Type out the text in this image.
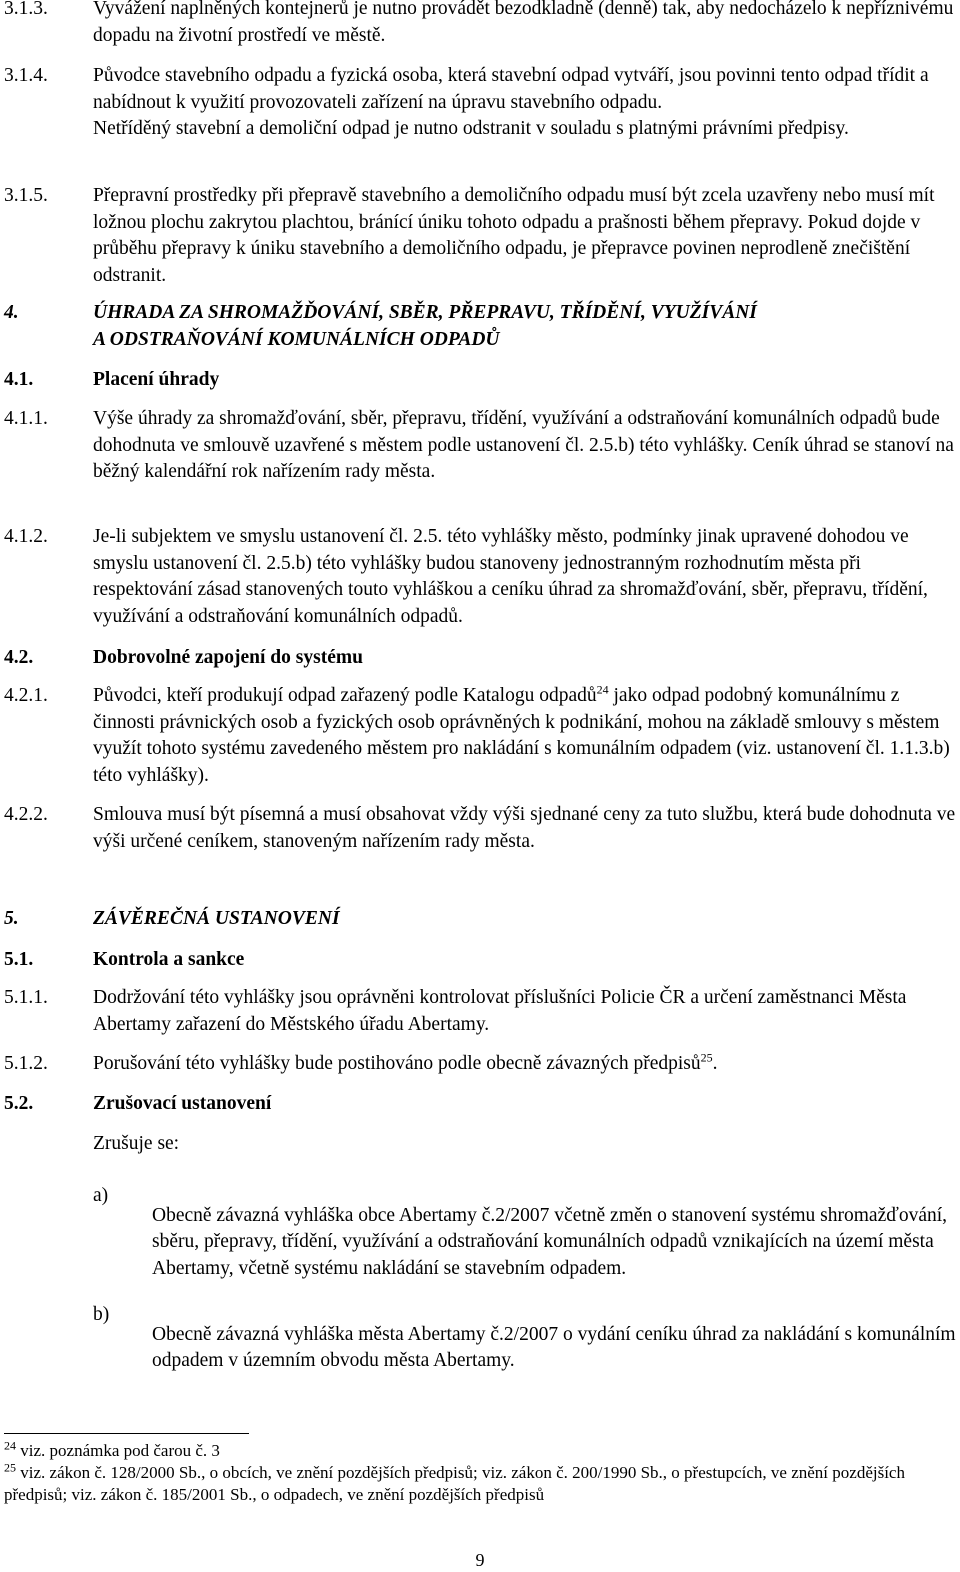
3.1.3. Vyvážení naplněných kontejnerů je nutno provádět bezodkladně (denně) tak, aby nedocházelo k nepříznivému dopadu na životní prostředí ve městě.

3.1.4. Původce stavebního odpadu a fyzická osoba, která stavební odpad vytváří, jsou povinni tento odpad třídit a nabídnout k využití provozovateli zařízení na úpravu stavebního odpadu.

Netříděný stavební a demoliční odpad je nutno odstranit v souladu s platnými právními předpisy.

3.1.5. Přepravní prostředky při přepravě stavebního a demoličního odpadu musí být zcela uzavřeny nebo musí mít ložnou plochu zakrytou plachtou, bránící úniku tohoto odpadu a prašnosti během přepravy. Pokud dojde v průběhu přepravy k úniku stavebního a demoličního odpadu, je přepravce povinen neprodleně znečištění odstranit.

4.	ÚHRADA ZA SHROMAŽĎOVÁNÍ, SBĚR, PŘEPRAVU, TŘÍDĚNÍ, VYUŽÍVÁNÍ

A ODSTRAŇOVÁNÍ KOMUNÁLNÍCH ODPADŮ

4.1.	Placení úhrady

4.1.1. Výše úhrady za shromažďování, sběr, přepravu, třídění, využívání a odstraňování komunálních odpadů bude dohodnuta ve smlouvě uzavřené s městem podle ustanovení čl. 2.5.b) této vyhlášky. Ceník úhrad se stanoví na běžný kalendářní rok nařízením rady města.

4.1.2. Je-li subjektem ve smyslu ustanovení čl. 2.5. této vyhlášky město, podmínky jinak upravené dohodou ve smyslu ustanovení čl. 2.5.b) této vyhlášky budou stanoveny jednostranným rozhodnutím města při respektování zásad stanovených touto vyhláškou a ceníku úhrad za shromažďování, sběr, přepravu, třídění, využívání a odstraňování komunálních odpadů.

4.2.	Dobrovolné zapojení do systému

4.2.1. Původci, kteří produkují odpad zařazený podle Katalogu odpadů$^{24}$ jako odpad podobný komunálnímu z činnosti právnických osob a fyzických osob oprávněných k podnikání, mohou na základě smlouvy s městem využít tohoto systému zavedeného městem pro nakládání s komunálním odpadem (viz. ustanovení čl. 1.1.3.b) této vyhlášky).

4.2.2. Smlouva musí být písemná a musí obsahovat vždy výši sjednané ceny za tuto službu, která bude dohodnuta ve výši určené ceníkem, stanoveným nařízením rady města.

5.	ZÁVĚREČNÁ USTANOVENÍ

5.1.	Kontrola a sankce

5.1.1. Dodržování této vyhlášky jsou oprávněni kontrolovat příslušníci Policie ČR a určení zaměstnanci Města Abertamy zařazení do Městského úřadu Abertamy.

5.1.2. Porušování této vyhlášky bude postihováno podle obecně závazných předpisů$^{25}$.

5.2.	Zrušovací ustanovení

Zrušuje se:

a)

Obecně závazná vyhláška obce Abertamy č.2/2007 včetně změn o stanovení systému shromažďování, sběru, přepravy, třídění, využívání a odstraňování komunálních odpadů vznikajících na území města Abertamy, včetně systému nakládání se stavebním odpadem.

b)

Obecně závazná vyhláška města Abertamy č.2/2007 o vydání ceníku úhrad za nakládání s komunálním odpadem v územním obvodu města Abertamy.

$^{24}$ viz. poznámka pod čarou č. 3

$^{25}$ viz. zákon č. 128/2000 Sb., o obcích, ve znění pozdějších předpisů; viz. zákon č. 200/1990 Sb., o přestupcích, ve znění pozdějších předpisů; viz. zákon č. 185/2001 Sb., o odpadech, ve znění pozdějších předpisů

9
